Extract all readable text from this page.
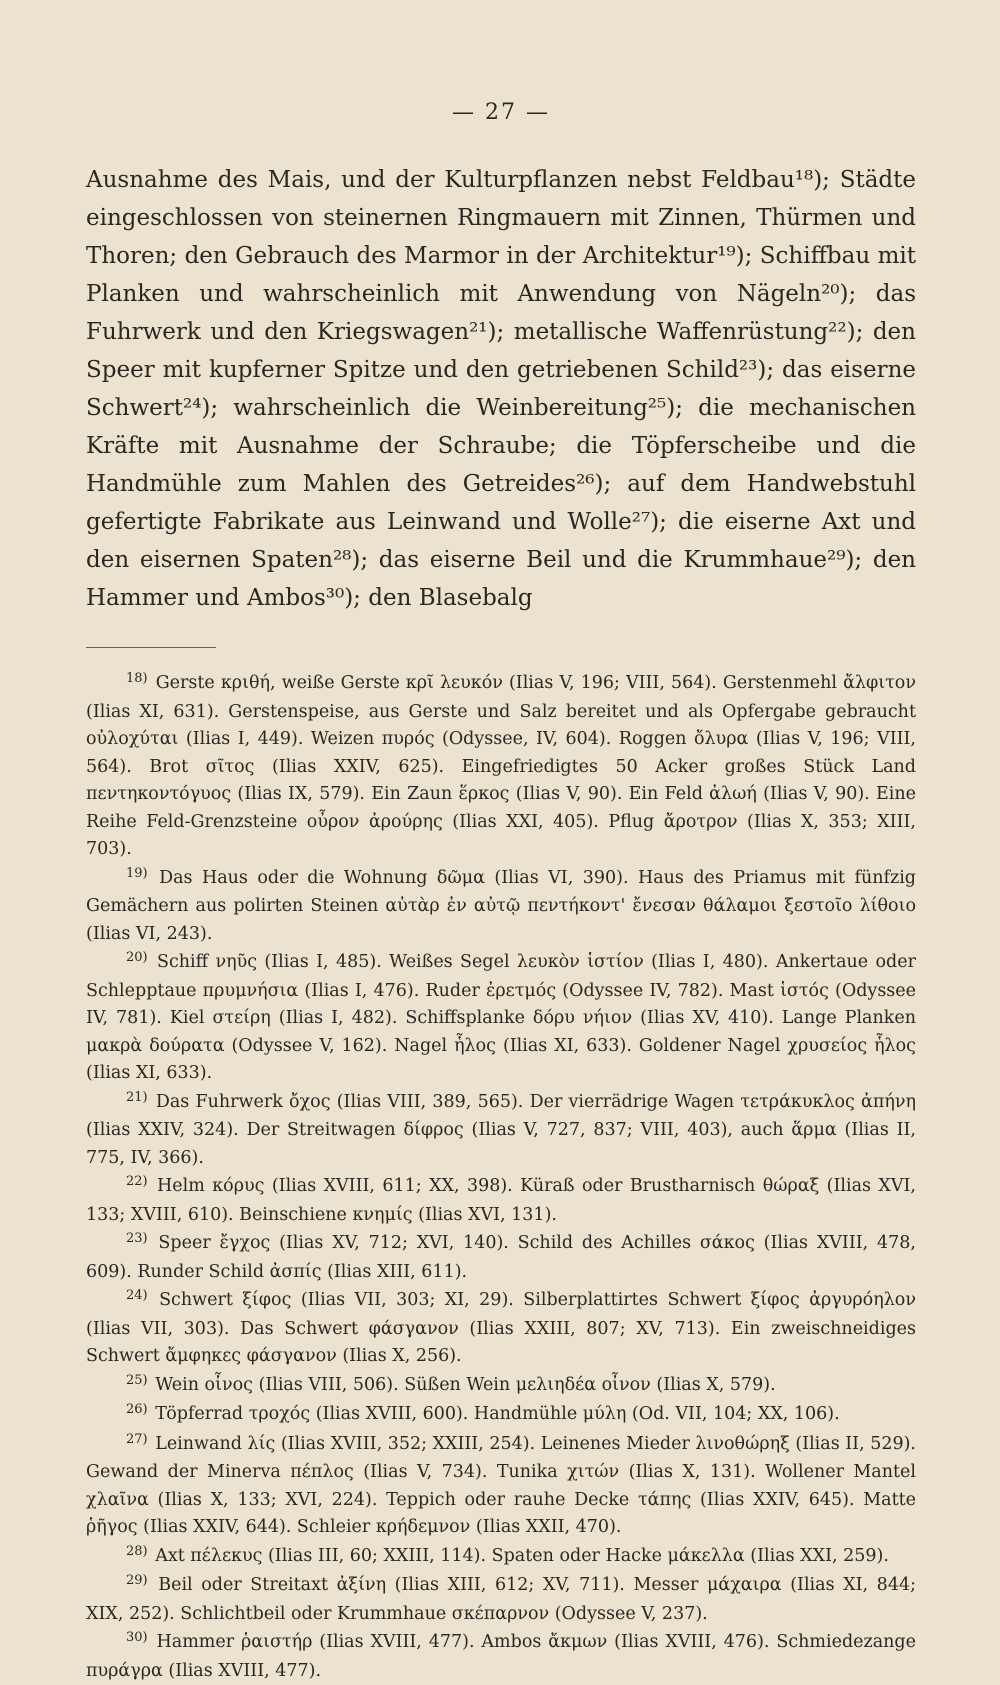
— 27 —

Ausnahme des Mais, und der Kulturpflanzen nebst Feldbau¹⁸); Städte eingeschlossen von steinernen Ringmauern mit Zinnen, Thürmen und Thoren; den Gebrauch des Marmor in der Architektur¹⁹); Schiffbau mit Planken und wahrscheinlich mit Anwendung von Nägeln²⁰); das Fuhrwerk und den Kriegswagen²¹); metallische Waffenrüstung²²); den Speer mit kupferner Spitze und den getriebenen Schild²³); das eiserne Schwert²⁴); wahrscheinlich die Weinbereitung²⁵); die mechanischen Kräfte mit Ausnahme der Schraube; die Töpferscheibe und die Handmühle zum Mahlen des Getreides²⁶); auf dem Handwebstuhl gefertigte Fabrikate aus Leinwand und Wolle²⁷); die eiserne Axt und den eisernen Spaten²⁸); das eiserne Beil und die Krummhaue²⁹); den Hammer und Ambos³⁰); den Blasebalg

$^{18)}$ Gerste κριθή, weiße Gerste κρῖ λευκόν (Ilias V, 196; VIII, 564). Gerstenmehl ἄλφιτον (Ilias XI, 631). Gerstenspeise, aus Gerste und Salz bereitet und als Opfergabe gebraucht οὐλοχύται (Ilias I, 449). Weizen πυρός (Odyssee, IV, 604). Roggen ὄλυρα (Ilias V, 196; VIII, 564). Brot σῖτος (Ilias XXIV, 625). Eingefriedigtes 50 Acker großes Stück Land πεντηκοντόγυος (Ilias IX, 579). Ein Zaun ἕρκος (Ilias V, 90). Ein Feld ἀλωή (Ilias V, 90). Eine Reihe Feld-Grenzsteine οὖρον ἀρούρης (Ilias XXI, 405). Pflug ἄροτρον (Ilias X, 353; XIII, 703).

$^{19)}$ Das Haus oder die Wohnung δῶμα (Ilias VI, 390). Haus des Priamus mit fünfzig Gemächern aus polirten Steinen αὐτὰρ ἐν αὐτῷ πεντήκοντ' ἔνεσαν θάλαμοι ξεστοῖο λίθοιο (Ilias VI, 243).

$^{20)}$ Schiff νηῦς (Ilias I, 485). Weißes Segel λευκὸν ἱστίον (Ilias I, 480). Ankertaue oder Schlepptaue πρυμνήσια (Ilias I, 476). Ruder ἐρετμός (Odyssee IV, 782). Mast ἱστός (Odyssee IV, 781). Kiel στείρη (Ilias I, 482). Schiffsplanke δόρυ νήιον (Ilias XV, 410). Lange Planken μακρὰ δούρατα (Odyssee V, 162). Nagel ἧλος (Ilias XI, 633). Goldener Nagel χρυσείος ἧλος (Ilias XI, 633).

$^{21)}$ Das Fuhrwerk ὄχος (Ilias VIII, 389, 565). Der vierrädrige Wagen τετράκυκλος ἀπήνη (Ilias XXIV, 324). Der Streitwagen δίφρος (Ilias V, 727, 837; VIII, 403), auch ἅρμα (Ilias II, 775, IV, 366).

$^{22)}$ Helm κόρυς (Ilias XVIII, 611; XX, 398). Küraß oder Brustharnisch θώραξ (Ilias XVI, 133; XVIII, 610). Beinschiene κνημίς (Ilias XVI, 131).

$^{23)}$ Speer ἔγχος (Ilias XV, 712; XVI, 140). Schild des Achilles σάκος (Ilias XVIII, 478, 609). Runder Schild ἀσπίς (Ilias XIII, 611).

$^{24)}$ Schwert ξίφος (Ilias VII, 303; XI, 29). Silberplattirtes Schwert ξίφος ἀργυρόηλον (Ilias VII, 303). Das Schwert φάσγανον (Ilias XXIII, 807; XV, 713). Ein zweischneidiges Schwert ἄμφηκες φάσγανον (Ilias X, 256).

$^{25)}$ Wein οἶνος (Ilias VIII, 506). Süßen Wein μελιηδέα οἶνον (Ilias X, 579).

$^{26)}$ Töpferrad τροχός (Ilias XVIII, 600). Handmühle μύλη (Od. VII, 104; XX, 106).

$^{27)}$ Leinwand λίς (Ilias XVIII, 352; XXIII, 254). Leinenes Mieder λινοθώρηξ (Ilias II, 529). Gewand der Minerva πέπλος (Ilias V, 734). Tunika χιτών (Ilias X, 131). Wollener Mantel χλαῖνα (Ilias X, 133; XVI, 224). Teppich oder rauhe Decke τάπης (Ilias XXIV, 645). Matte ῥῆγος (Ilias XXIV, 644). Schleier κρήδεμνον (Ilias XXII, 470).

$^{28)}$ Axt πέλεκυς (Ilias III, 60; XXIII, 114). Spaten oder Hacke μάκελλα (Ilias XXI, 259).

$^{29)}$ Beil oder Streitaxt ἀξίνη (Ilias XIII, 612; XV, 711). Messer μάχαιρα (Ilias XI, 844; XIX, 252). Schlichtbeil oder Krummhaue σκέπαρνον (Odyssee V, 237).

$^{30)}$ Hammer ῥαιστήρ (Ilias XVIII, 477). Ambos ἄκμων (Ilias XVIII, 476). Schmiedezange πυράγρα (Ilias XVIII, 477).
